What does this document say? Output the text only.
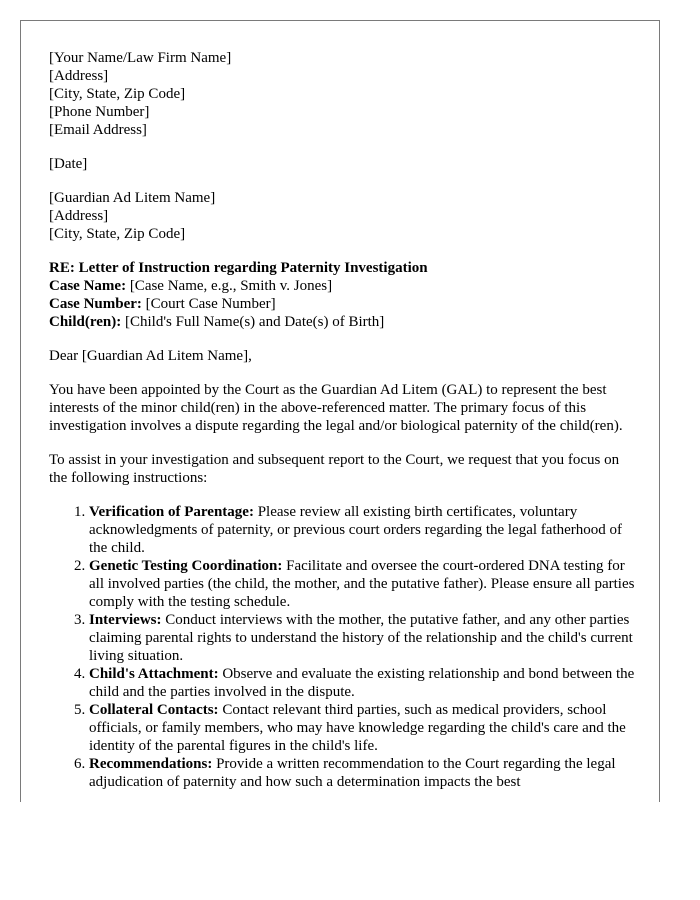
[Your Name/Law Firm Name]
[Address]
[City, State, Zip Code]
[Phone Number]
[Email Address]
[Date]
[Guardian Ad Litem Name]
[Address]
[City, State, Zip Code]
RE: Letter of Instruction regarding Paternity Investigation
Case Name: [Case Name, e.g., Smith v. Jones]
Case Number: [Court Case Number]
Child(ren): [Child's Full Name(s) and Date(s) of Birth]

Dear [Guardian Ad Litem Name],

You have been appointed by the Court as the Guardian Ad Litem (GAL) to represent the best interests of the minor child(ren) in the above-referenced matter. The primary focus of this investigation involves a dispute regarding the legal and/or biological paternity of the child(ren).

To assist in your investigation and subsequent report to the Court, we request that you focus on the following instructions:

1. Verification of Parentage: Please review all existing birth certificates, voluntary acknowledgments of paternity, or previous court orders regarding the legal fatherhood of the child.
2. Genetic Testing Coordination: Facilitate and oversee the court-ordered DNA testing for all involved parties (the child, the mother, and the putative father). Please ensure all parties comply with the testing schedule.
3. Interviews: Conduct interviews with the mother, the putative father, and any other parties claiming parental rights to understand the history of the relationship and the child's current living situation.
4. Child's Attachment: Observe and evaluate the existing relationship and bond between the child and the parties involved in the dispute.
5. Collateral Contacts: Contact relevant third parties, such as medical providers, school officials, or family members, who may have knowledge regarding the child's care and the identity of the parental figures in the child's life.
6. Recommendations: Provide a written recommendation to the Court regarding the legal adjudication of paternity and how such a determination impacts the best
